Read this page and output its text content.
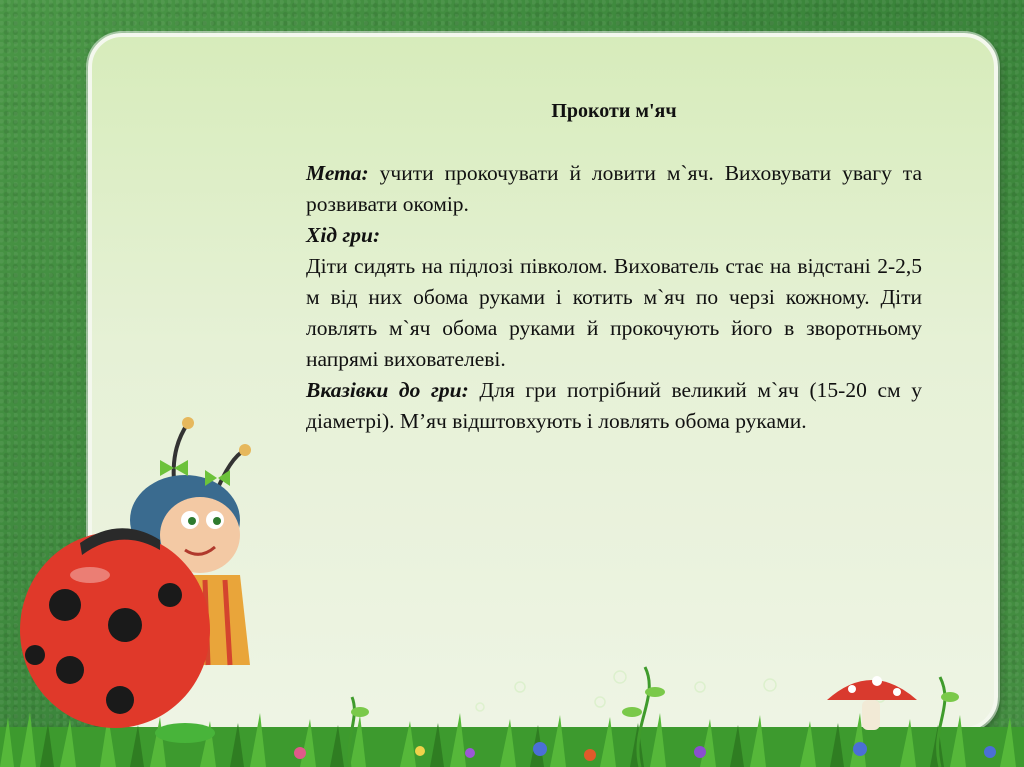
Прокоти м'яч

Мета: учити прокочувати й ловити м`яч. Виховувати увагу та розвивати окомір.

Хід гри:

Діти сидять на підлозі півколом. Вихователь стає на відстані 2-2,5 м від них обома руками і котить м`яч по черзі кожному. Діти ловлять м`яч обома руками й прокочують його в зворотньому напрямі вихователеві.

Вказівки до гри: Для гри потрібний великий м`яч (15-20 см у діаметрі). М’яч відштовхують і ловлять обома руками.
